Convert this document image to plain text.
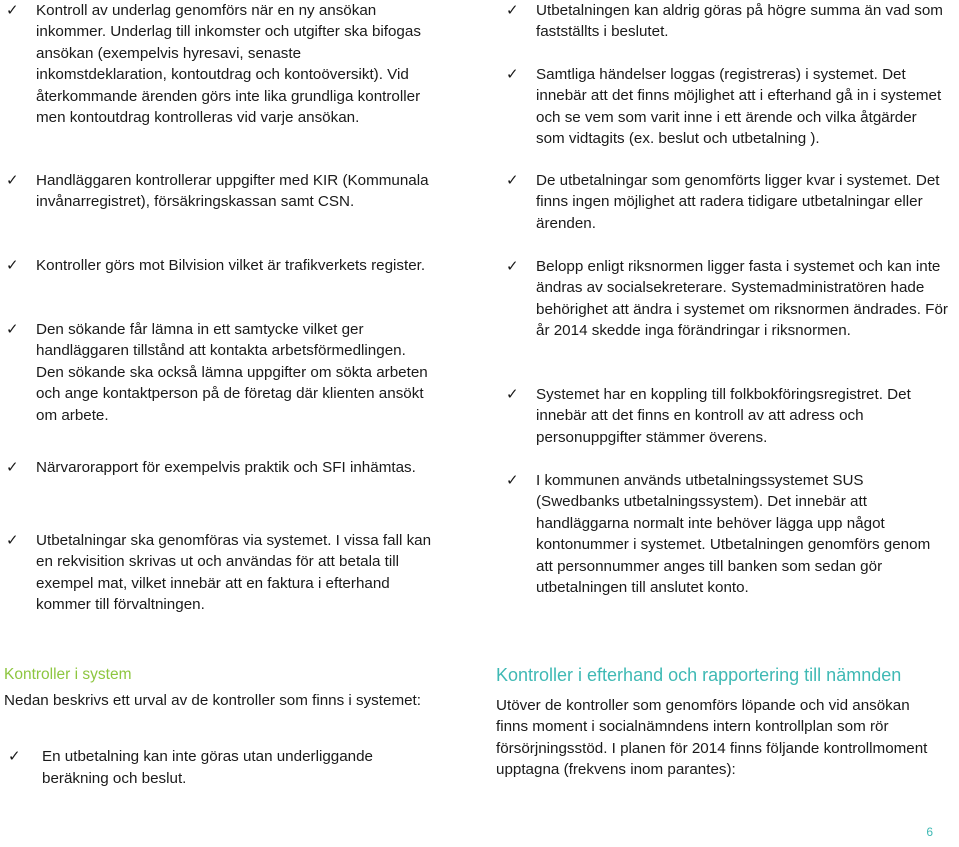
✓ Kontroll av underlag genomförs när en ny ansökan inkommer. Underlag till inkomster och utgifter ska bifogas ansökan (exempelvis hyresavi, senaste inkomstdeklaration, kontoutdrag och kontoöversikt). Vid återkommande ärenden görs inte lika grundliga kontroller men kontoutdrag kontrolleras vid varje ansökan.
✓ Handläggaren kontrollerar uppgifter med KIR (Kommunala invånarregistret), försäkringskassan samt CSN.
✓ Kontroller görs mot Bilvision vilket är trafikverkets register.
✓ Den sökande får lämna in ett samtycke vilket ger handläggaren tillstånd att kontakta arbetsförmedlingen. Den sökande ska också lämna uppgifter om sökta arbeten och ange kontaktperson på de företag där klienten ansökt om arbete.
✓ Närvarorapport för exempelvis praktik och SFI inhämtas.
✓ Utbetalningar ska genomföras via systemet. I vissa fall kan en rekvisition skrivas ut och användas för att betala till exempel mat, vilket innebär att en faktura i efterhand kommer till förvaltningen.
✓ Utbetalningen kan aldrig göras på högre summa än vad som fastställts i beslutet.
✓ Samtliga händelser loggas (registreras) i systemet. Det innebär att det finns möjlighet att i efterhand gå in i systemet och se vem som varit inne i ett ärende och vilka åtgärder som vidtagits (ex. beslut och utbetalning ).
✓ De utbetalningar som genomförts ligger kvar i systemet. Det finns ingen möjlighet att radera tidigare utbetalningar eller ärenden.
✓ Belopp enligt riksnormen ligger fasta i systemet och kan inte ändras av socialsekreterare. Systemadministratören hade behörighet att ändra i systemet om riksnormen ändrades. För år 2014 skedde inga förändringar i riksnormen.
✓ Systemet har en koppling till folkbokföringsregistret. Det innebär att det finns en kontroll av att adress och personuppgifter stämmer överens.
✓ I kommunen används utbetalningssystemet SUS (Swedbanks utbetalningssystem). Det innebär att handläggarna normalt inte behöver lägga upp något kontonummer i systemet. Utbetalningen genomförs genom att personnummer anges till banken som sedan gör utbetalningen till anslutet konto.
Kontroller i system

Nedan beskrivs ett urval av de kontroller som finns i systemet:

✓ En utbetalning kan inte göras utan underliggande beräkning och beslut.
Kontroller i efterhand och rapportering till nämnden

Utöver de kontroller som genomförs löpande och vid ansökan finns moment i socialnämndens intern kontrollplan som rör försörjningsstöd. I planen för 2014 finns följande kontrollmoment upptagna (frekvens inom parantes):

6
